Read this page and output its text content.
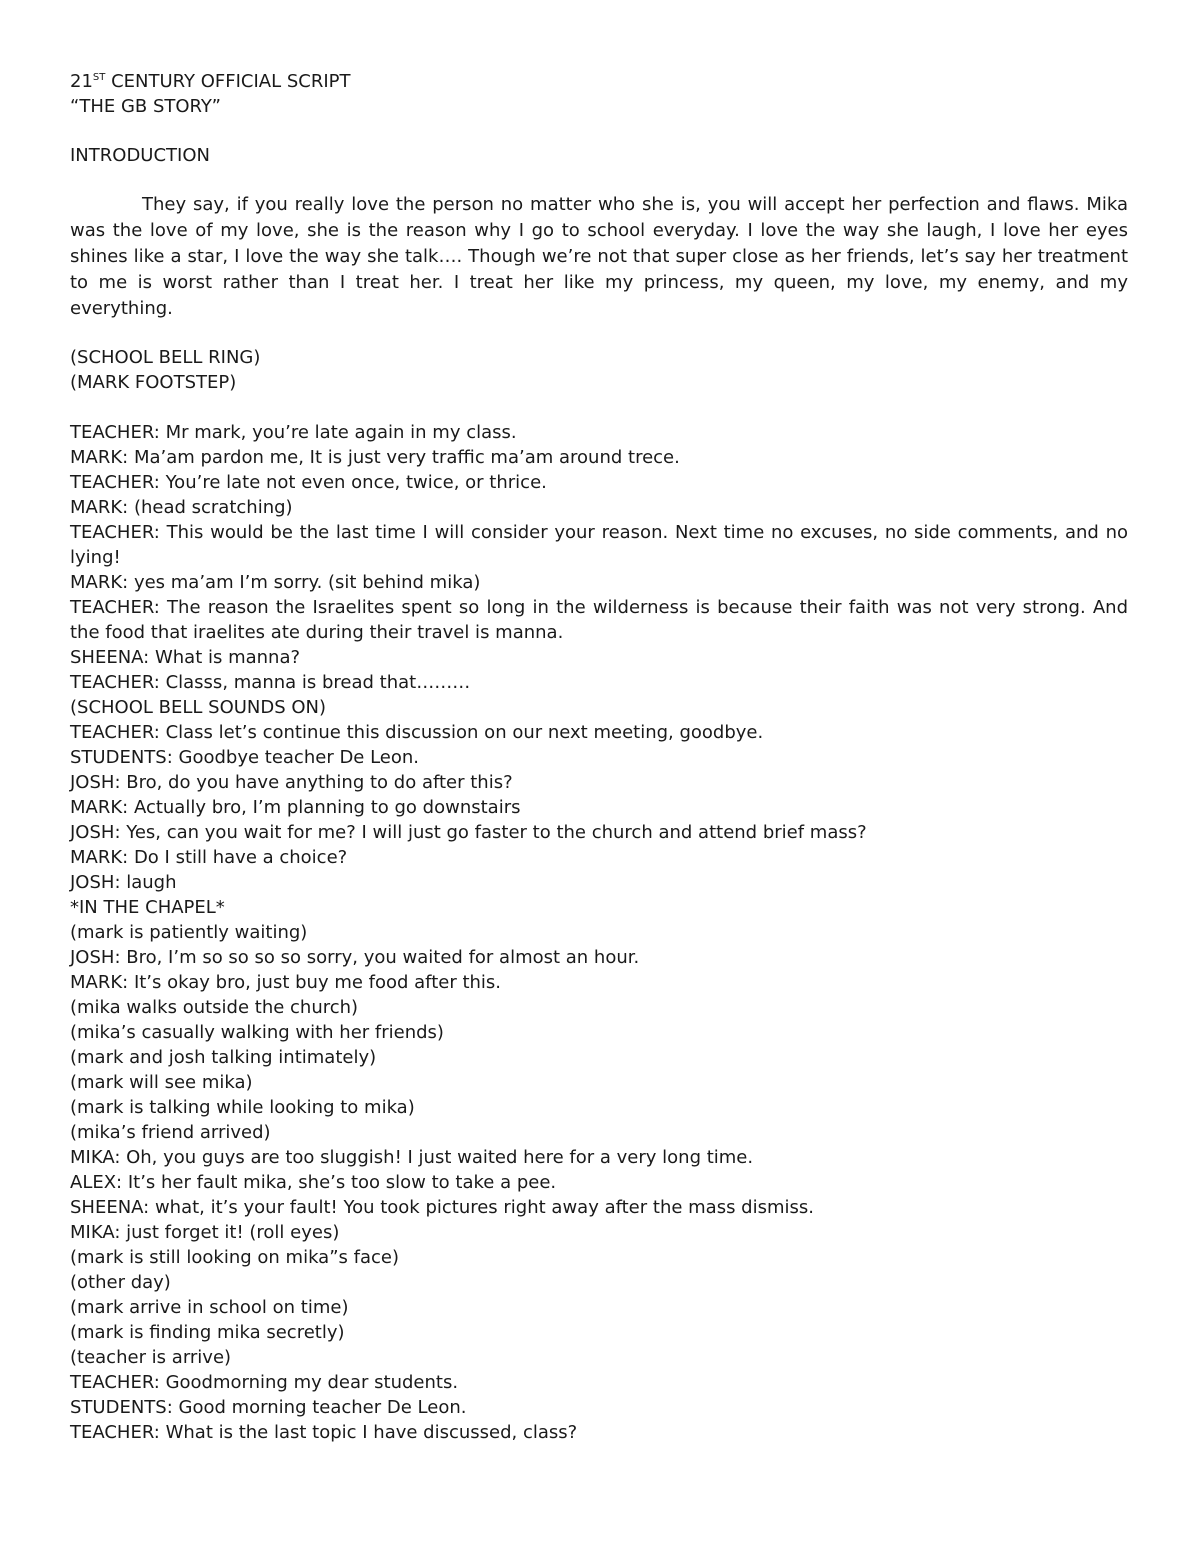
21ST CENTURY OFFICIAL SCRIPT
“THE GB STORY”
INTRODUCTION

They say, if you really love the person no matter who she is, you will accept her perfection and flaws. Mika was the love of my love, she is the reason why I go to school everyday. I love the way she laugh, I love her eyes shines like a star, I love the way she talk…. Though we’re not that super close as her friends, let’s say her treatment to me is worst rather than I treat her. I treat her like my princess, my queen, my love, my enemy, and my everything.

(SCHOOL BELL RING)
(MARK FOOTSTEP)
TEACHER: Mr mark, you’re late again in my class.
MARK: Ma’am pardon me, It is just very traffic ma’am around trece.
TEACHER: You’re late not even once, twice, or thrice.
MARK: (head scratching)

TEACHER: This would be the last time I will consider your reason. Next time no excuses, no side comments, and no lying!

MARK: yes ma’am I’m sorry. (sit behind mika)

TEACHER: The reason the Israelites spent so long in the wilderness is because their faith was not very strong. And the food that iraelites ate during their travel is manna.

SHEENA: What is manna?
TEACHER: Classs, manna is bread that………
(SCHOOL BELL SOUNDS ON)
TEACHER: Class let’s continue this discussion on our next meeting, goodbye.
STUDENTS: Goodbye teacher De Leon.
JOSH: Bro, do you have anything to do after this?
MARK: Actually bro, I’m planning to go downstairs
JOSH: Yes, can you wait for me? I will just go faster to the church and attend brief mass?
MARK: Do I still have a choice?
JOSH: laugh
*IN THE CHAPEL*
(mark is patiently waiting)
JOSH: Bro, I’m so so so so sorry, you waited for almost an hour.
MARK: It’s okay bro, just buy me food after this.
(mika walks outside the church)
(mika’s casually walking with her friends)
(mark and josh talking intimately)
(mark will see mika)
(mark is talking while looking to mika)
(mika’s friend arrived)
MIKA: Oh, you guys are too sluggish! I just waited here for a very long time.
ALEX: It’s her fault mika, she’s too slow to take a pee.
SHEENA: what, it’s your fault! You took pictures right away after the mass dismiss.
MIKA: just forget it! (roll eyes)
(mark is still looking on mika”s face)
(other day)
(mark arrive in school on time)
(mark is finding mika secretly)
(teacher is arrive)
TEACHER: Goodmorning my dear students.
STUDENTS: Good morning teacher De Leon.
TEACHER: What is the last topic I have discussed, class?
